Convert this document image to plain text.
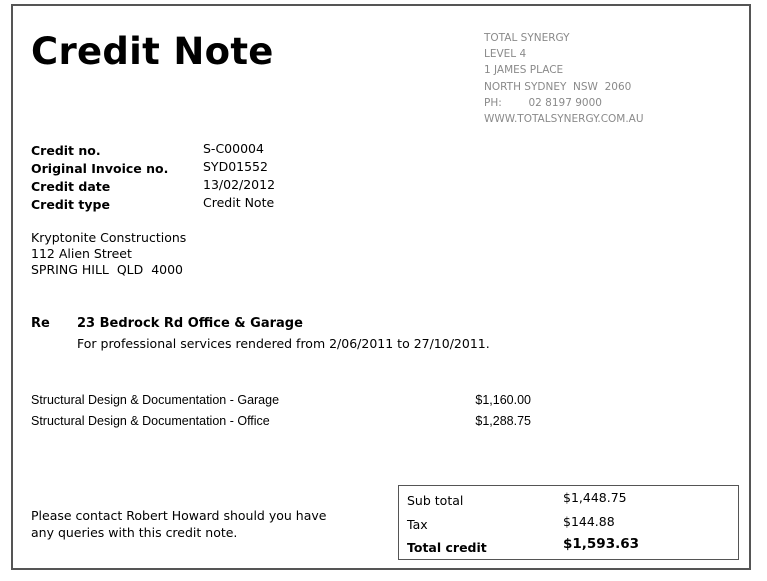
Credit Note	TOTAL SYNERGY
LEVEL 4
1 JAMES PLACE
NORTH SYDNEY  NSW  2060
PH:        02 8197 9000
WWW.TOTALSYNERGY.COM.AU
Credit no.	S-C00004
Original Invoice no.	SYD01552
Credit date	13/02/2012
Credit type	Credit Note
Kryptonite Constructions
112 Alien Street
SPRING HILL  QLD  4000
Re 23 Bedrock Rd Office & Garage
For professional services rendered from 2/06/2011 to 27/10/2011.
Structural Design & Documentation - Garage	$1,160.00
Structural Design & Documentation - Office	$1,288.75
Please contact Robert Howard should you have any queries with this credit note.
Sub total	$1,448.75
Tax	$144.88
Total credit	$1,593.63
